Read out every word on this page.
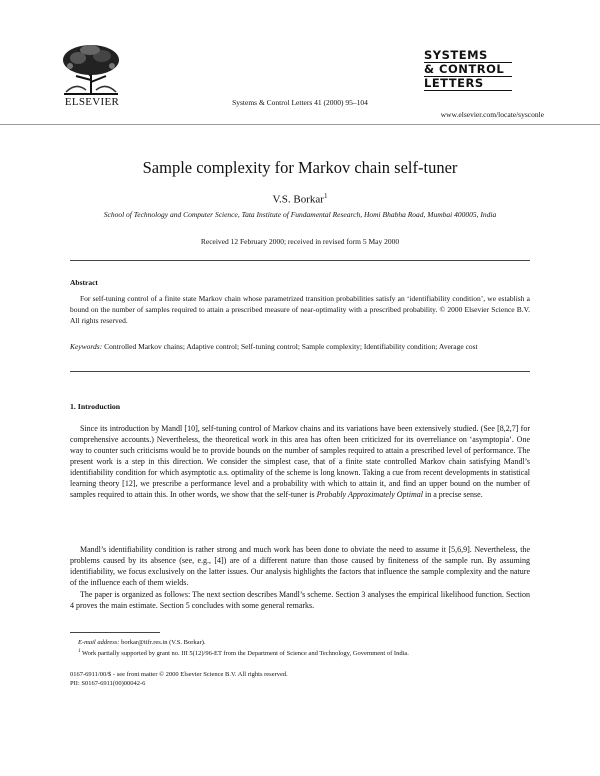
ELSEVIER	Systems & Control Letters 41 (2000) 95–104
SYSTEMS
& CONTROL
LETTERS
www.elsevier.com/locate/sysconle
Sample complexity for Markov chain self-tuner
V.S. Borkar$^1$
School of Technology and Computer Science, Tata Institute of Fundamental Research, Homi Bhabha Road, Mumbai 400005, India
Received 12 February 2000; received in revised form 5 May 2000
Abstract
For self-tuning control of a finite state Markov chain whose parametrized transition probabilities satisfy an ‘identifiability condition’, we establish a bound on the number of samples required to attain a prescribed measure of near-optimality with a prescribed probability. © 2000 Elsevier Science B.V. All rights reserved.
Keywords: Controlled Markov chains; Adaptive control; Self-tuning control; Sample complexity; Identifiability condition; Average cost
1. Introduction
Since its introduction by Mandl [10], self-tuning control of Markov chains and its variations have been extensively studied. (See [8,2,7] for comprehensive accounts.) Nevertheless, the theoretical work in this area has often been criticized for its overreliance on ‘asymptopia’. One way to counter such criticisms would be to provide bounds on the number of samples required to attain a prescribed level of performance. The present work is a step in this direction. We consider the simplest case, that of a finite state controlled Markov chain satisfying Mandl’s identifiability condition for which asymptotic a.s. optimality of the scheme is long known. Taking a cue from recent developments in statistical learning theory [12], we prescribe a performance level and a probability with which to attain it, and find an upper bound on the number of samples required to attain this. In other words, we show that the self-tuner is Probably Approximately Optimal in a precise sense.
Mandl’s identifiability condition is rather strong and much work has been done to obviate the need to assume it [5,6,9]. Nevertheless, the problems caused by its absence (see, e.g., [4]) are of a different nature than those caused by finiteness of the sample run. By assuming identifiability, we focus exclusively on the latter issues. Our analysis highlights the factors that influence the sample complexity and the nature of the influence each of them wields.
The paper is organized as follows: The next section describes Mandl’s scheme. Section 3 analyses the empirical likelihood function. Section 4 proves the main estimate. Section 5 concludes with some general remarks.
E-mail address: borkar@tifr.res.in (V.S. Borkar).
$^1$ Work partially supported by grant no. III 5(12)/96-ET from the Department of Science and Technology, Government of India.
0167-6911/00/$ - see front matter © 2000 Elsevier Science B.V. All rights reserved.
PII: S0167-6911(00)00042-6
